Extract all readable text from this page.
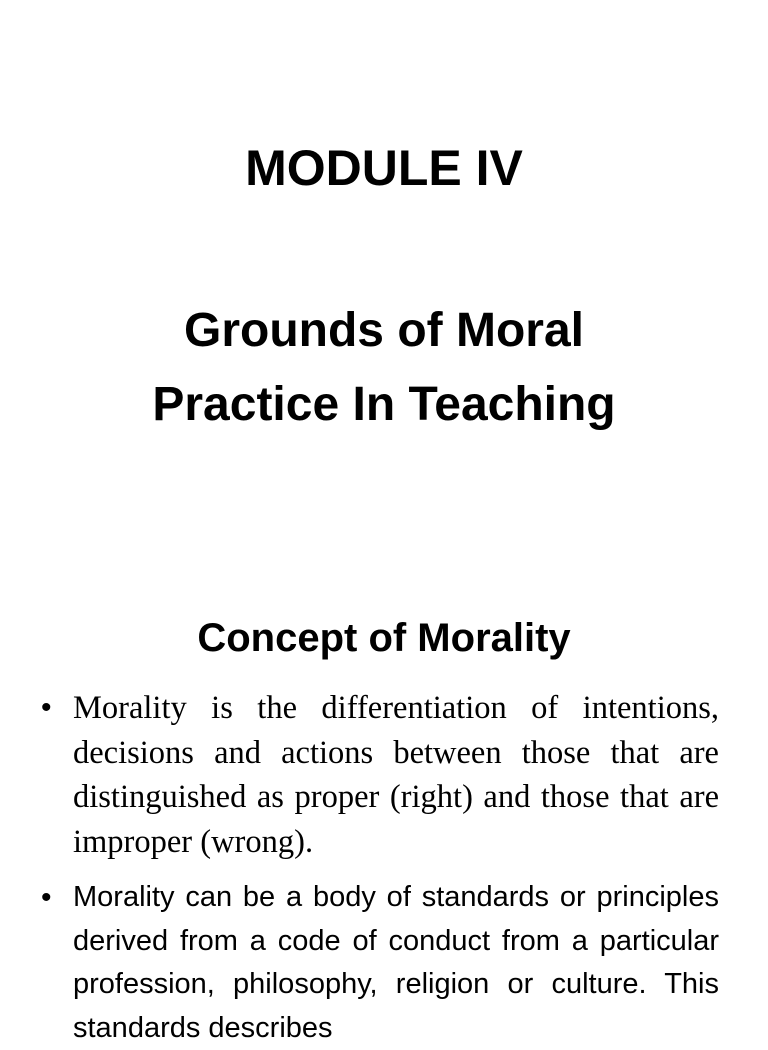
MODULE IV
Grounds of Moral
Practice In Teaching
Concept of Morality
• Morality is the differentiation of intentions, decisions and actions between those that are distinguished as proper (right) and those that are improper (wrong).
• Morality can be a body of standards or principles derived from a code of conduct from a particular profession, philosophy, religion or culture. This standards describes
